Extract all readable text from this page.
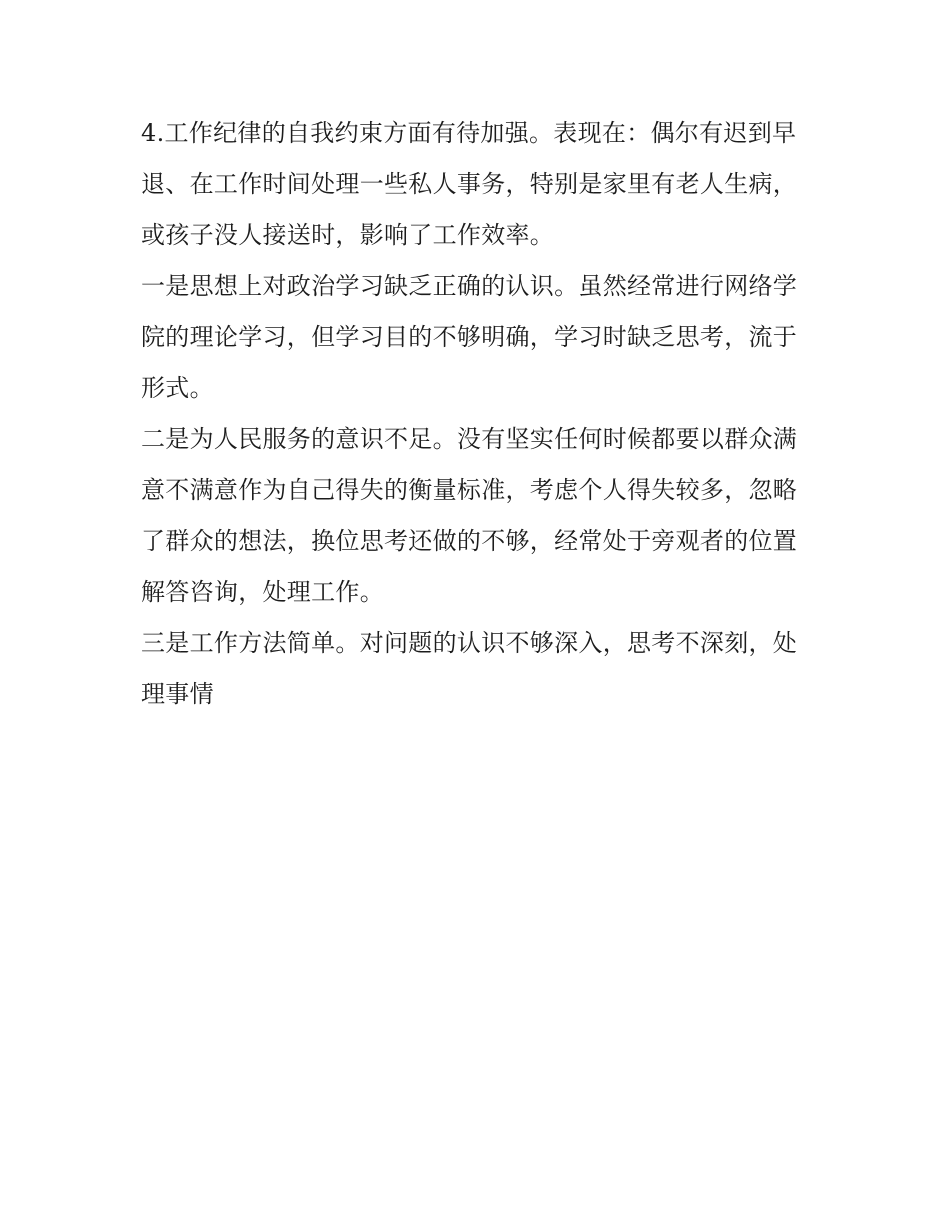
4.工作纪律的自我约束方面有待加强。表现在：偶尔有迟到早
退、在工作时间处理一些私人事务，特别是家里有老人生病，
或孩子没人接送时，影响了工作效率。

一是思想上对政治学习缺乏正确的认识。虽然经常进行网络学
院的理论学习，但学习目的不够明确，学习时缺乏思考，流于
形式。

二是为人民服务的意识不足。没有坚实任何时候都要以群众满
意不满意作为自己得失的衡量标准，考虑个人得失较多，忽略
了群众的想法，换位思考还做的不够，经常处于旁观者的位置
解答咨询，处理工作。

三是工作方法简单。对问题的认识不够深入，思考不深刻，处
理事情
